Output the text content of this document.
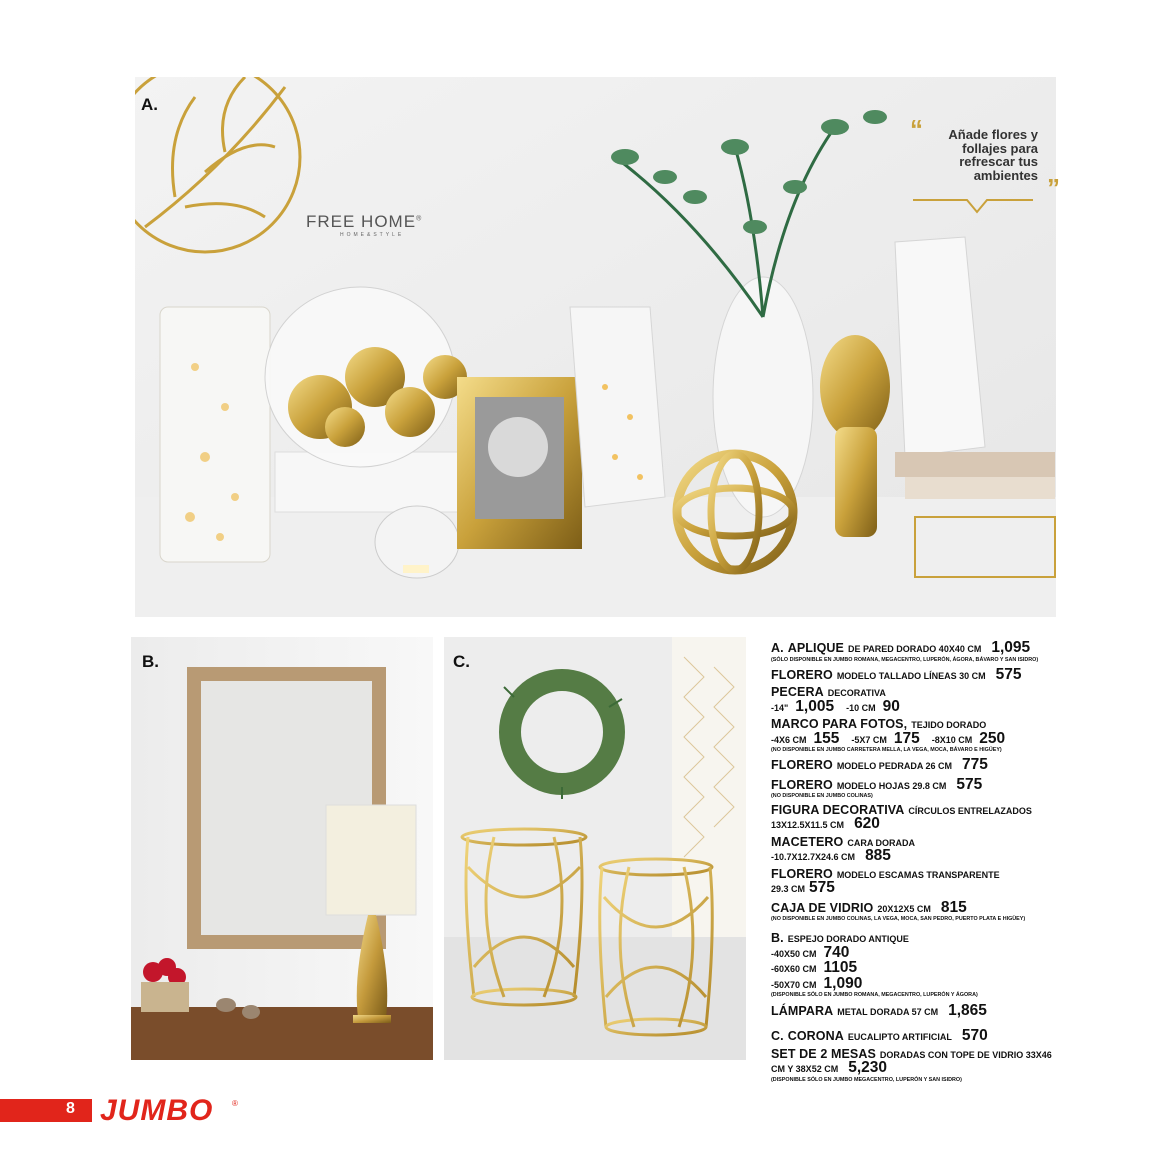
A.
FREE HOME®
HOME&STYLE
“ Añade flores y follajes para refrescar tus ambientes ”
B.	C.
A. APLIQUE DE PARED DORADO 40X40 CM 1,095
(SÓLO DISPONIBLE EN JUMBO ROMANA, MEGACENTRO, LUPERÓN, ÁGORA, BÁVARO Y SAN ISIDRO)
FLORERO MODELO TALLADO LÍNEAS 30 CM 575
PECERA DECORATIVA
-14" 1,005 -10 CM 90
MARCO PARA FOTOS, TEJIDO DORADO
-4X6 CM 155 -5X7 CM 175 -8X10 CM 250
(NO DISPONIBLE EN JUMBO CARRETERA MELLA, LA VEGA, MOCA, BÁVARO E HIGÜEY)
FLORERO MODELO PEDRADA 26 CM 775
FLORERO MODELO HOJAS 29.8 CM 575
(NO DISPONIBLE EN JUMBO COLINAS)
FIGURA DECORATIVA CÍRCULOS ENTRELAZADOS
13X12.5X11.5 CM 620
MACETERO CARA DORADA
-10.7X12.7X24.6 CM 885
FLORERO MODELO ESCAMAS TRANSPARENTE
29.3 CM 575
CAJA DE VIDRIO 20X12X5 CM 815
(NO DISPONIBLE EN JUMBO COLINAS, LA VEGA, MOCA, SAN PEDRO, PUERTO PLATA E HIGÜEY)
B. ESPEJO DORADO ANTIQUE
-40X50 CM 740
-60X60 CM 1105
-50X70 CM 1,090
(DISPONIBLE SÓLO EN JUMBO ROMANA, MEGACENTRO, LUPERÓN Y ÁGORA)
LÁMPARA METAL DORADA 57 CM 1,865
C. CORONA EUCALIPTO ARTIFICIAL 570
SET DE 2 MESAS DORADAS CON TOPE DE VIDRIO 33X46
CM Y 38X52 CM 5,230
(DISPONIBLE SÓLO EN JUMBO MEGACENTRO, LUPERÓN Y SAN ISIDRO)
8 JUMBO ®
